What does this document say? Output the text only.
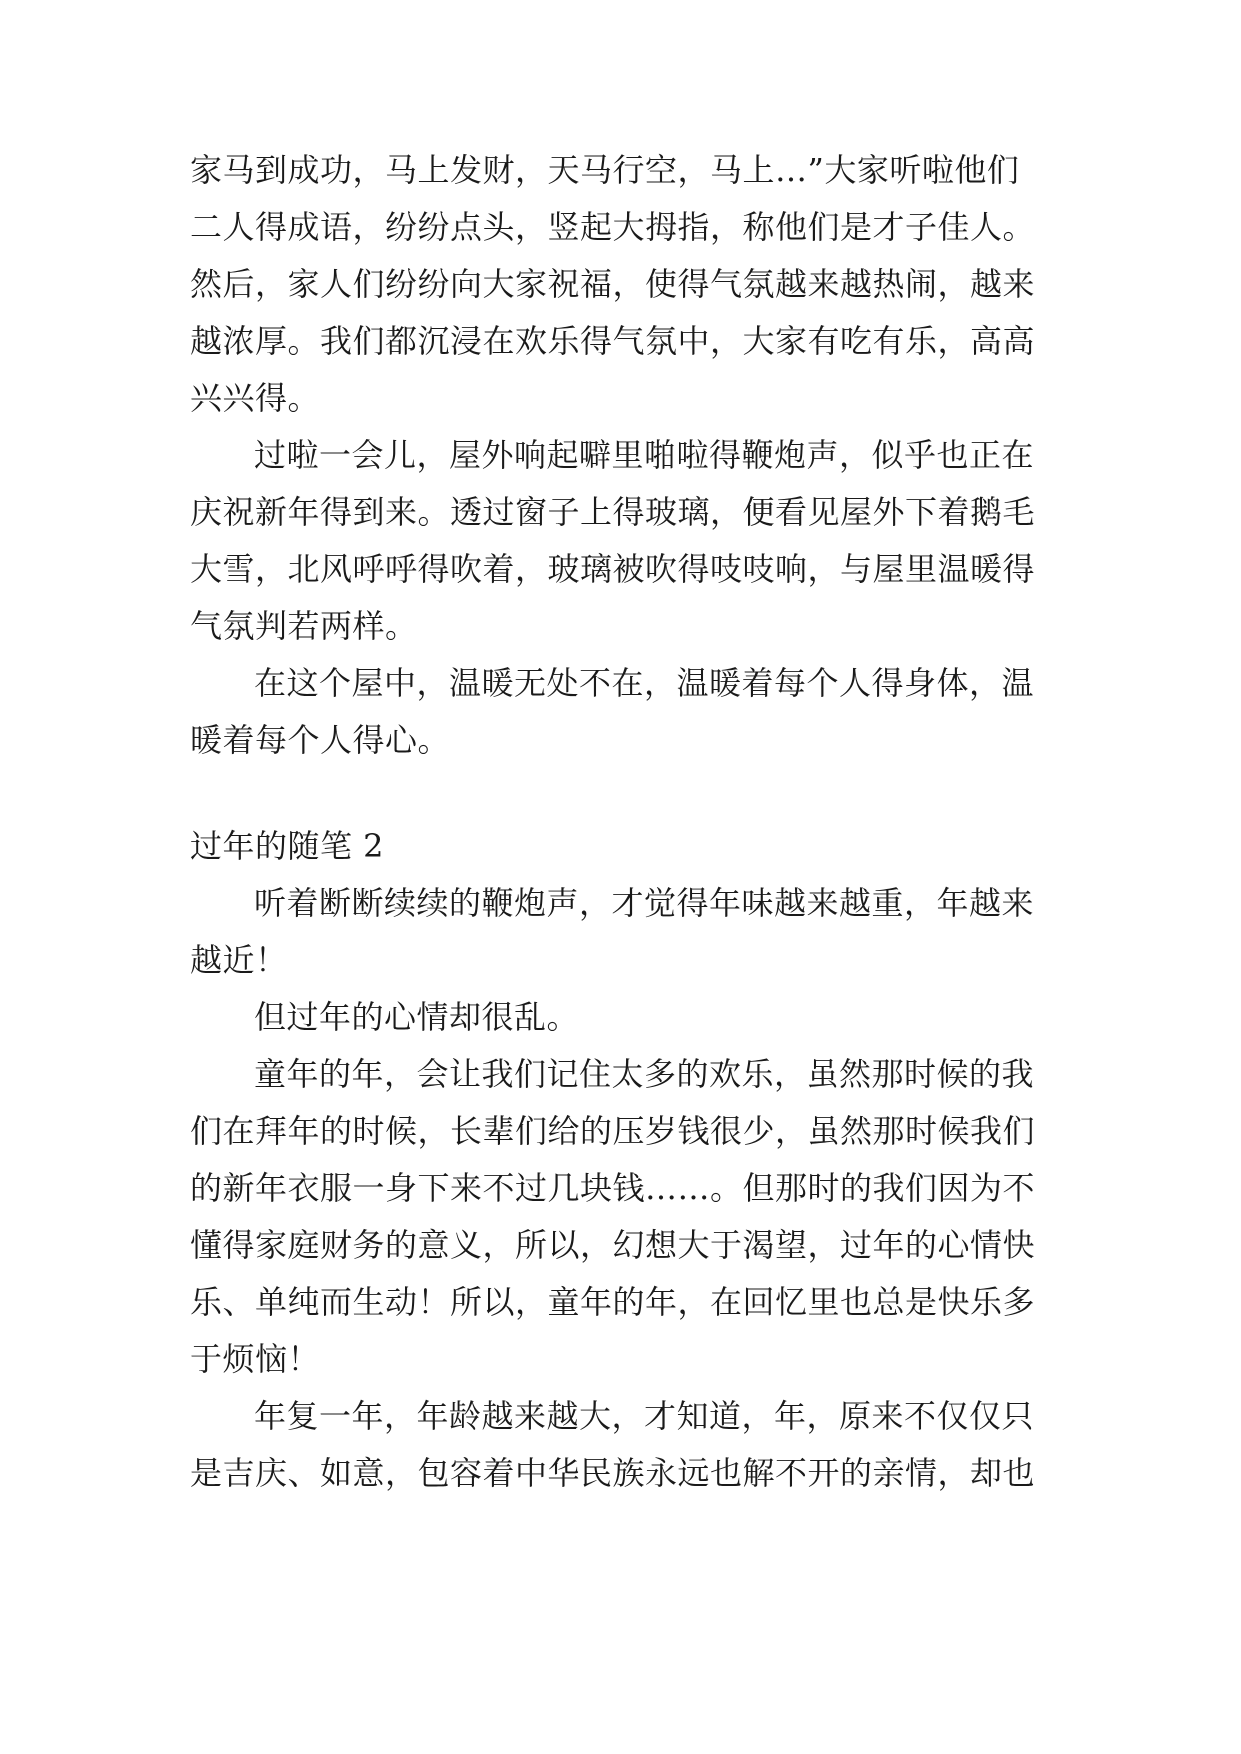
家马到成功，马上发财，天马行空，马上…”大家听啦他们
二人得成语，纷纷点头，竖起大拇指，称他们是才子佳人。
然后，家人们纷纷向大家祝福，使得气氛越来越热闹，越来
越浓厚。我们都沉浸在欢乐得气氛中，大家有吃有乐，高高
兴兴得。
过啦一会儿，屋外响起噼里啪啦得鞭炮声，似乎也正在
庆祝新年得到来。透过窗子上得玻璃，便看见屋外下着鹅毛
大雪，北风呼呼得吹着，玻璃被吹得吱吱响，与屋里温暖得
气氛判若两样。
在这个屋中，温暖无处不在，温暖着每个人得身体，温
暖着每个人得心。
过年的随笔 2
听着断断续续的鞭炮声，才觉得年味越来越重，年越来
越近！
但过年的心情却很乱。
童年的年，会让我们记住太多的欢乐，虽然那时候的我
们在拜年的时候，长辈们给的压岁钱很少，虽然那时候我们
的新年衣服一身下来不过几块钱……。但那时的我们因为不
懂得家庭财务的意义，所以，幻想大于渴望，过年的心情快
乐、单纯而生动！所以，童年的年，在回忆里也总是快乐多
于烦恼！
年复一年，年龄越来越大，才知道，年，原来不仅仅只
是吉庆、如意，包容着中华民族永远也解不开的亲情，却也
